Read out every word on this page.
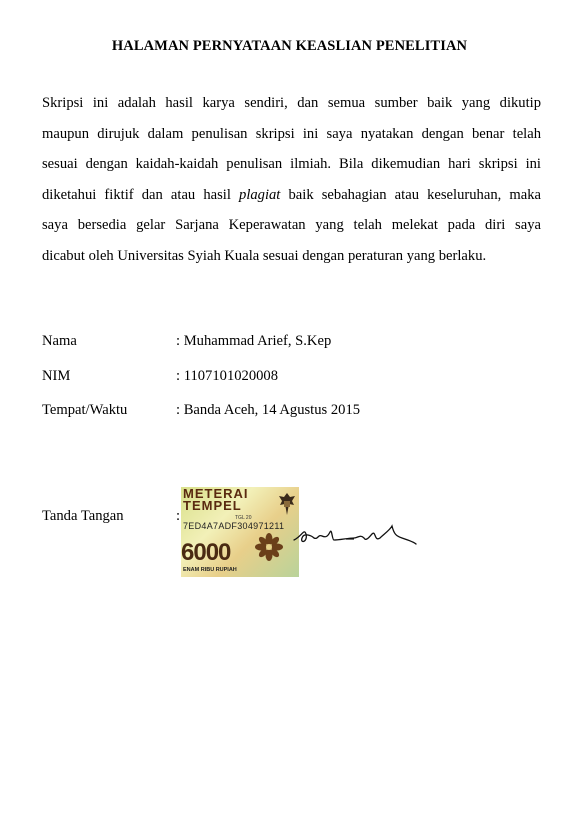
HALAMAN PERNYATAAN KEASLIAN PENELITIAN
Skripsi ini adalah hasil karya sendiri, dan semua sumber baik yang dikutip
maupun dirujuk dalam penulisan skripsi ini saya nyatakan dengan benar telah
sesuai dengan kaidah-kaidah penulisan ilmiah. Bila dikemudian hari skripsi ini
diketahui fiktif dan atau hasil plagiat baik sebahagian atau keseluruhan, maka
saya bersedia gelar Sarjana Keperawatan yang telah melekat pada diri saya
dicabut oleh Universitas Syiah Kuala sesuai dengan peraturan yang berlaku.
Nama	: Muhammad Arief, S.Kep
NIM	: 1107101020008
Tempat/Waktu	: Banda Aceh, 14 Agustus 2015
Tanda Tangan	:
METERAI
TEMPEL
TGL 20
7ED4A7ADF304971211
6000
ENAM RIBU RUPIAH
